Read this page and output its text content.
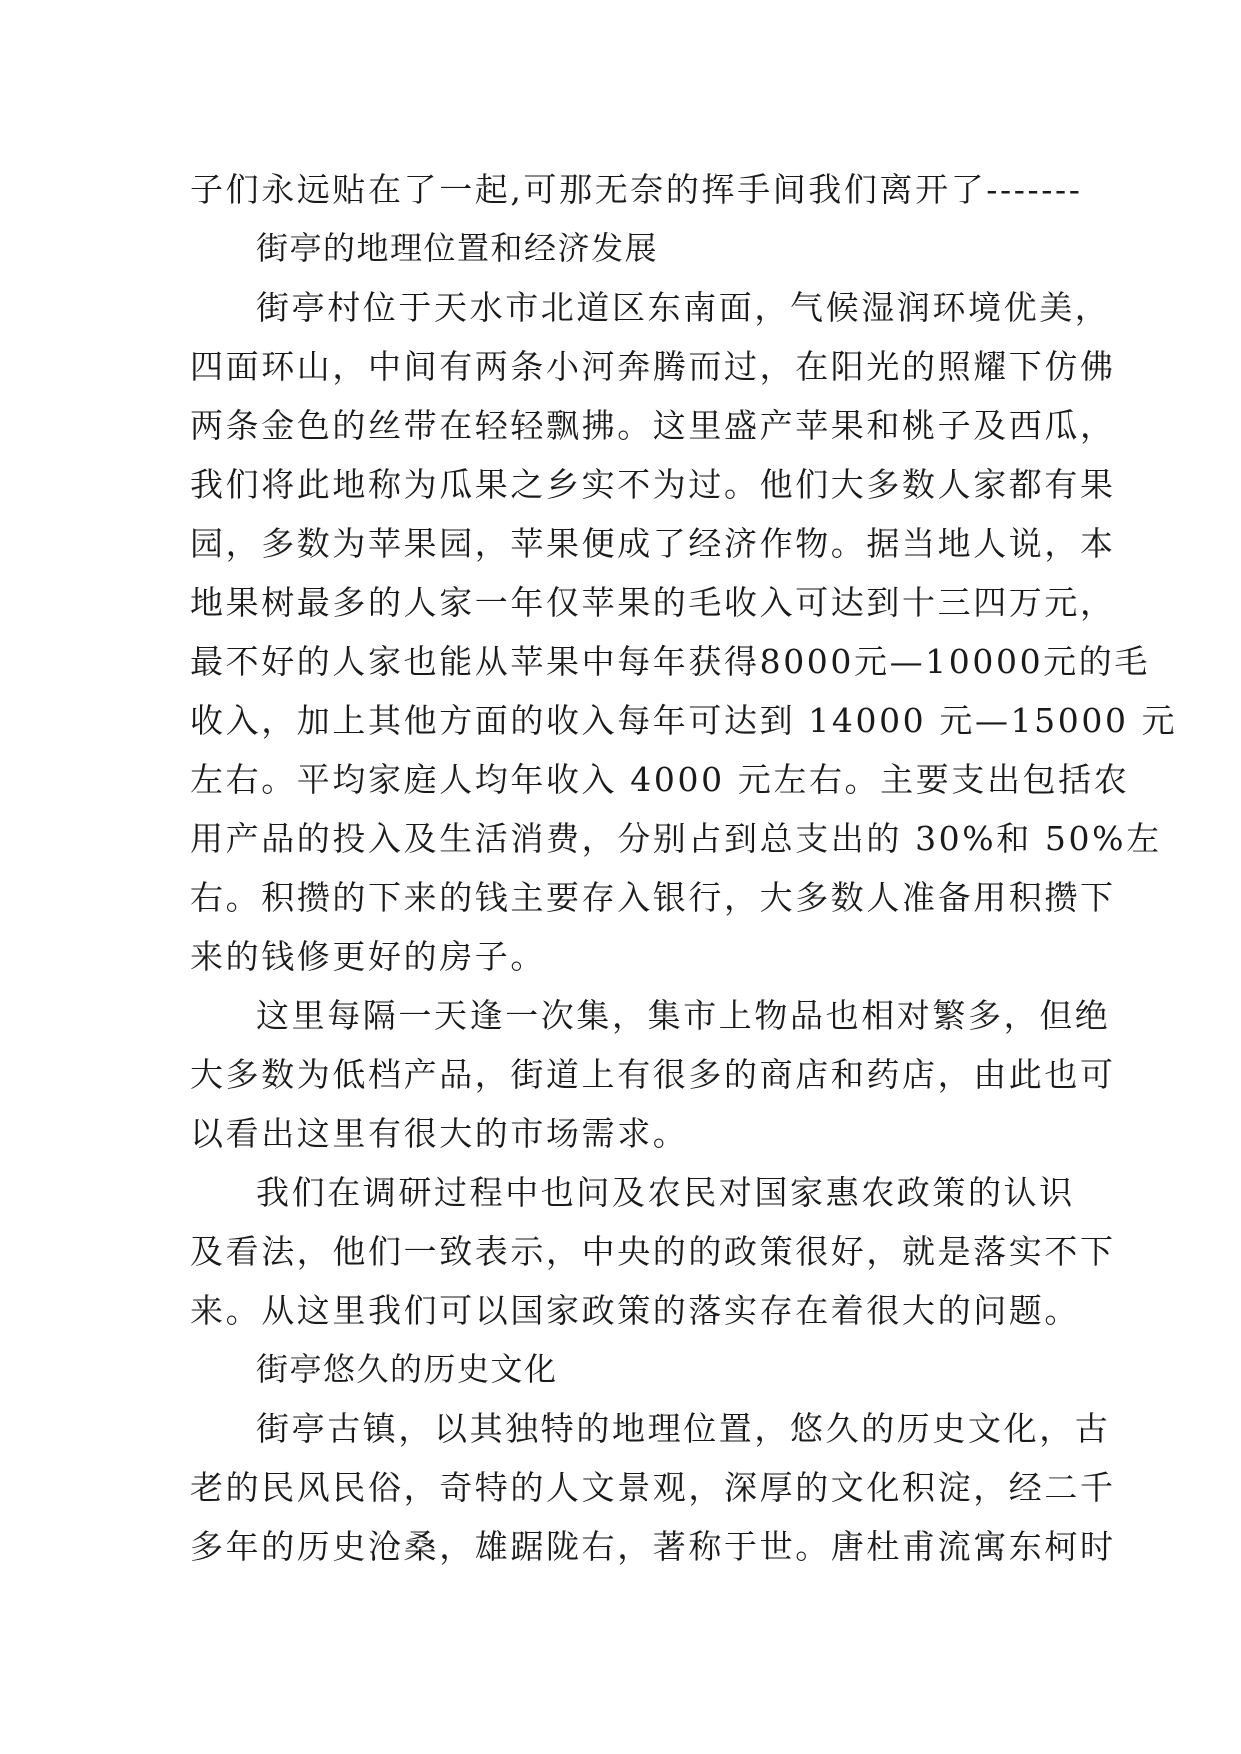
子们永远贴在了一起,可那无奈的挥手间我们离开了-------
街亭的地理位置和经济发展
街亭村位于天水市北道区东南面，气候湿润环境优美，
四面环山，中间有两条小河奔腾而过，在阳光的照耀下仿佛
两条金色的丝带在轻轻飘拂。这里盛产苹果和桃子及西瓜，
我们将此地称为瓜果之乡实不为过。他们大多数人家都有果
园，多数为苹果园，苹果便成了经济作物。据当地人说，本
地果树最多的人家一年仅苹果的毛收入可达到十三四万元，
最不好的人家也能从苹果中每年获得8000元—10000元的毛
收入，加上其他方面的收入每年可达到 14000 元—15000 元
左右。平均家庭人均年收入 4000 元左右。主要支出包括农
用产品的投入及生活消费，分别占到总支出的 30%和 50%左
右。积攒的下来的钱主要存入银行，大多数人准备用积攒下
来的钱修更好的房子。
这里每隔一天逢一次集，集市上物品也相对繁多，但绝
大多数为低档产品，街道上有很多的商店和药店，由此也可
以看出这里有很大的市场需求。
我们在调研过程中也问及农民对国家惠农政策的认识
及看法，他们一致表示，中央的的政策很好，就是落实不下
来。从这里我们可以国家政策的落实存在着很大的问题。
街亭悠久的历史文化
街亭古镇，以其独特的地理位置，悠久的历史文化，古
老的民风民俗，奇特的人文景观，深厚的文化积淀，经二千
多年的历史沧桑，雄踞陇右，著称于世。唐杜甫流寓东柯时
